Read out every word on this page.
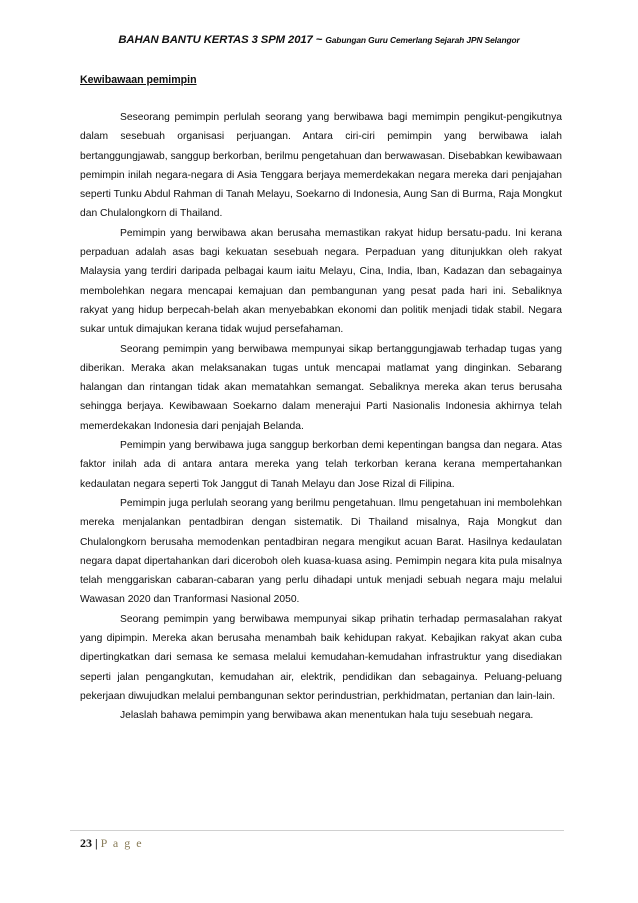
BAHAN BANTU KERTAS 3 SPM 2017 ~ Gabungan Guru Cemerlang Sejarah JPN Selangor
Kewibawaan pemimpin

Seseorang pemimpin perlulah seorang yang berwibawa bagi memimpin pengikut-pengikutnya dalam sesebuah organisasi perjuangan. Antara ciri-ciri pemimpin yang berwibawa ialah bertanggungjawab, sanggup berkorban, berilmu pengetahuan dan berwawasan. Disebabkan kewibawaan pemimpin inilah negara-negara di Asia Tenggara berjaya memerdekakan negara mereka dari penjajahan seperti Tunku Abdul Rahman di Tanah Melayu, Soekarno di Indonesia, Aung San di Burma, Raja Mongkut dan Chulalongkorn di Thailand.

Pemimpin yang berwibawa akan berusaha memastikan rakyat hidup bersatu-padu. Ini kerana perpaduan adalah asas bagi kekuatan sesebuah negara. Perpaduan yang ditunjukkan oleh rakyat Malaysia yang terdiri daripada pelbagai kaum iaitu Melayu, Cina, India, Iban, Kadazan dan sebagainya membolehkan negara mencapai kemajuan dan pembangunan yang pesat pada hari ini. Sebaliknya rakyat yang hidup berpecah-belah akan menyebabkan ekonomi dan politik menjadi tidak stabil. Negara sukar untuk dimajukan kerana tidak wujud persefahaman.

Seorang pemimpin yang berwibawa mempunyai sikap bertanggungjawab terhadap tugas yang diberikan. Meraka akan melaksanakan tugas untuk mencapai matlamat yang dinginkan. Sebarang halangan dan rintangan tidak akan mematahkan semangat. Sebaliknya mereka akan terus berusaha sehingga berjaya. Kewibawaan Soekarno dalam menerajui Parti Nasionalis Indonesia akhirnya telah memerdekakan Indonesia dari penjajah Belanda.

Pemimpin yang berwibawa juga sanggup berkorban demi kepentingan bangsa dan negara. Atas faktor inilah ada di antara antara mereka yang telah terkorban kerana kerana mempertahankan kedaulatan negara seperti Tok Janggut di Tanah Melayu dan Jose Rizal di Filipina.

Pemimpin juga perlulah seorang yang berilmu pengetahuan. Ilmu pengetahuan ini membolehkan mereka menjalankan pentadbiran dengan sistematik. Di Thailand misalnya, Raja Mongkut dan Chulalongkorn berusaha memodenkan pentadbiran negara mengikut acuan Barat. Hasilnya kedaulatan negara dapat dipertahankan dari diceroboh oleh kuasa-kuasa asing. Pemimpin negara kita pula misalnya telah menggariskan cabaran-cabaran yang perlu dihadapi untuk menjadi sebuah negara maju melalui Wawasan 2020 dan Tranformasi Nasional 2050.

Seorang pemimpin yang berwibawa mempunyai sikap prihatin terhadap permasalahan rakyat yang dipimpin. Mereka akan berusaha menambah baik kehidupan rakyat. Kebajikan rakyat akan cuba dipertingkatkan dari semasa ke semasa melalui kemudahan-kemudahan infrastruktur yang disediakan seperti jalan pengangkutan, kemudahan air, elektrik, pendidikan dan sebagainya. Peluang-peluang pekerjaan diwujudkan melalui pembangunan sektor perindustrian, perkhidmatan, pertanian dan lain-lain.

Jelaslah bahawa pemimpin yang berwibawa akan menentukan hala tuju sesebuah negara.

23 | P a g e
